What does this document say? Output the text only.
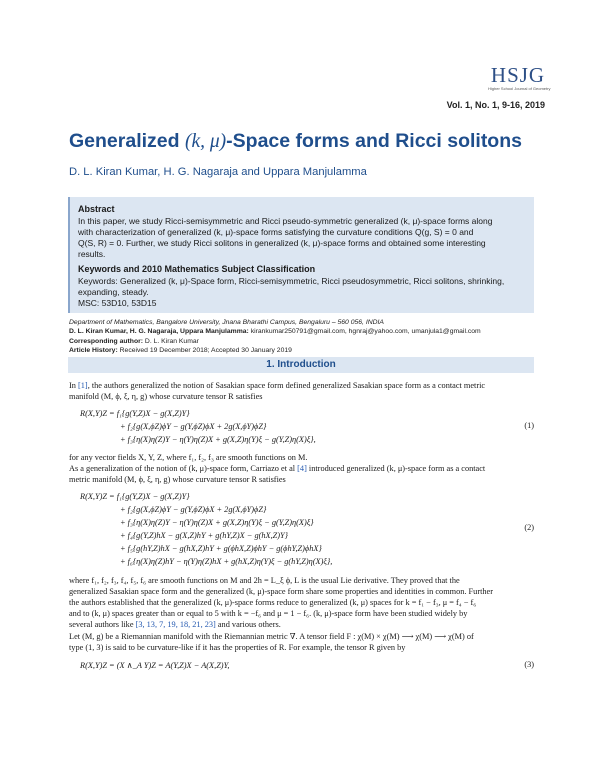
HSJG
Higher School Journal of Geometry
Vol. 1, No. 1, 9-16, 2019
Generalized (k, μ)-Space forms and Ricci solitons
D. L. Kiran Kumar, H. G. Nagaraja and Uppara Manjulamma
Abstract
In this paper, we study Ricci-semisymmetric and Ricci pseudo-symmetric generalized (k, μ)-space forms along
with characterization of generalized (k, μ)-space forms satisfying the curvature conditions Q(g, S) = 0 and
Q(S, R) = 0. Further, we study Ricci solitons in generalized (k, μ)-space forms and obtained some interesting
results.
Keywords and 2010 Mathematics Subject Classification
Keywords: Generalized (k, μ)-Space form, Ricci-semisymmetric, Ricci pseudosymmetric, Ricci solitons, shrinking,
expanding, steady.
MSC: 53D10, 53D15
Department of Mathematics, Bangalore University, Jnana Bharathi Campus, Bengaluru – 560 056, INDIA
D. L. Kiran Kumar, H. G. Nagaraja, Uppara Manjulamma: kirankumar250791@gmail.com, hgnraj@yahoo.com, umanjula1@gmail.com
Corresponding author: D. L. Kiran Kumar
Article History: Received 19 December 2018; Accepted 30 January 2019
1. Introduction
In [1], the authors generalized the notion of Sasakian space form defined generalized Sasakian space form as a contact metric
manifold (M, ϕ, ξ, η, g) whose curvature tensor R satisfies
R(X,Y)Z = f₁{g(Y,Z)X − g(X,Z)Y}
+ f₂{g(X,ϕZ)ϕY − g(Y,ϕZ)ϕX + 2g(X,ϕY)ϕZ}
+ f₃{η(X)η(Z)Y − η(Y)η(Z)X + g(X,Z)η(Y)ξ − g(Y,Z)η(X)ξ},
(1)
for any vector fields X, Y, Z, where f₁, f₂, f₃ are smooth functions on M.
As a generalization of the notion of (k, μ)-space form, Carriazo et al [4] introduced generalized (k, μ)-space form as a contact
metric manifold (M, ϕ, ξ, η, g) whose curvature tensor R satisfies
R(X,Y)Z = f₁{g(Y,Z)X − g(X,Z)Y}
+ f₂{g(X,ϕZ)ϕY − g(Y,ϕZ)ϕX + 2g(X,ϕY)ϕZ}
+ f₃{η(X)η(Z)Y − η(Y)η(Z)X + g(X,Z)η(Y)ξ − g(Y,Z)η(X)ξ}
+ f₄{g(Y,Z)hX − g(X,Z)hY + g(hY,Z)X − g(hX,Z)Y}
+ f₅{g(hY,Z)hX − g(hX,Z)hY + g(ϕhX,Z)ϕhY − g(ϕhY,Z)ϕhX}
+ f₆{η(X)η(Z)hY − η(Y)η(Z)hX + g(hX,Z)η(Y)ξ − g(hY,Z)η(X)ξ},
(2)
where f₁, f₂, f₃, f₄, f₅, f₆ are smooth functions on M and 2h = L_ξ ϕ, L is the usual Lie derivative. They proved that the
generalized Sasakian space form and the generalized (k, μ)-space form share some properties and identities in common. Further
the authors established that the generalized (k, μ)-space forms reduce to generalized (k, μ) spaces for k = f₁ − f₃, μ = f₄ − f₆
and to (k, μ) spaces greater than or equal to 5 with k = −f₆ and μ = 1 − f₆. (k, μ)-space form have been studied widely by
several authors like [3, 13, 7, 19, 18, 21, 23] and various others.
Let (M, g) be a Riemannian manifold with the Riemannian metric ∇. A tensor field F : χ(M) × χ(M) ⟶ χ(M) ⟶ χ(M) of
type (1, 3) is said to be curvature-like if it has the properties of R. For example, the tensor R given by
R(X,Y)Z = (X ∧_A Y)Z = A(Y,Z)X − A(X,Z)Y,	(3)
